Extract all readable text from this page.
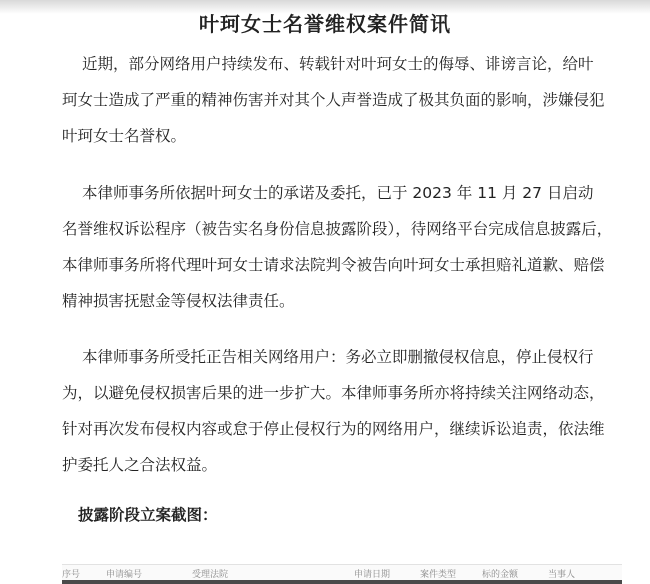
叶珂女士名誉维权案件简讯

近期，部分网络用户持续发布、转载针对叶珂女士的侮辱、诽谤言论，给叶
珂女士造成了严重的精神伤害并对其个人声誉造成了极其负面的影响，涉嫌侵犯
叶珂女士名誉权。

本律师事务所依据叶珂女士的承诺及委托，已于 2023 年 11 月 27 日启动
名誉维权诉讼程序（被告实名身份信息披露阶段），待网络平台完成信息披露后，
本律师事务所将代理叶珂女士请求法院判令被告向叶珂女士承担赔礼道歉、赔偿
精神损害抚慰金等侵权法律责任。

本律师事务所受托正告相关网络用户：务必立即删撤侵权信息，停止侵权行
为，以避免侵权损害后果的进一步扩大。本律师事务所亦将持续关注网络动态，
针对再次发布侵权内容或怠于停止侵权行为的网络用户，继续诉讼追责，依法维
护委托人之合法权益。

披露阶段立案截图：

序号	申请编号	受理法院	申请日期	案件类型	标的金额	当事人
